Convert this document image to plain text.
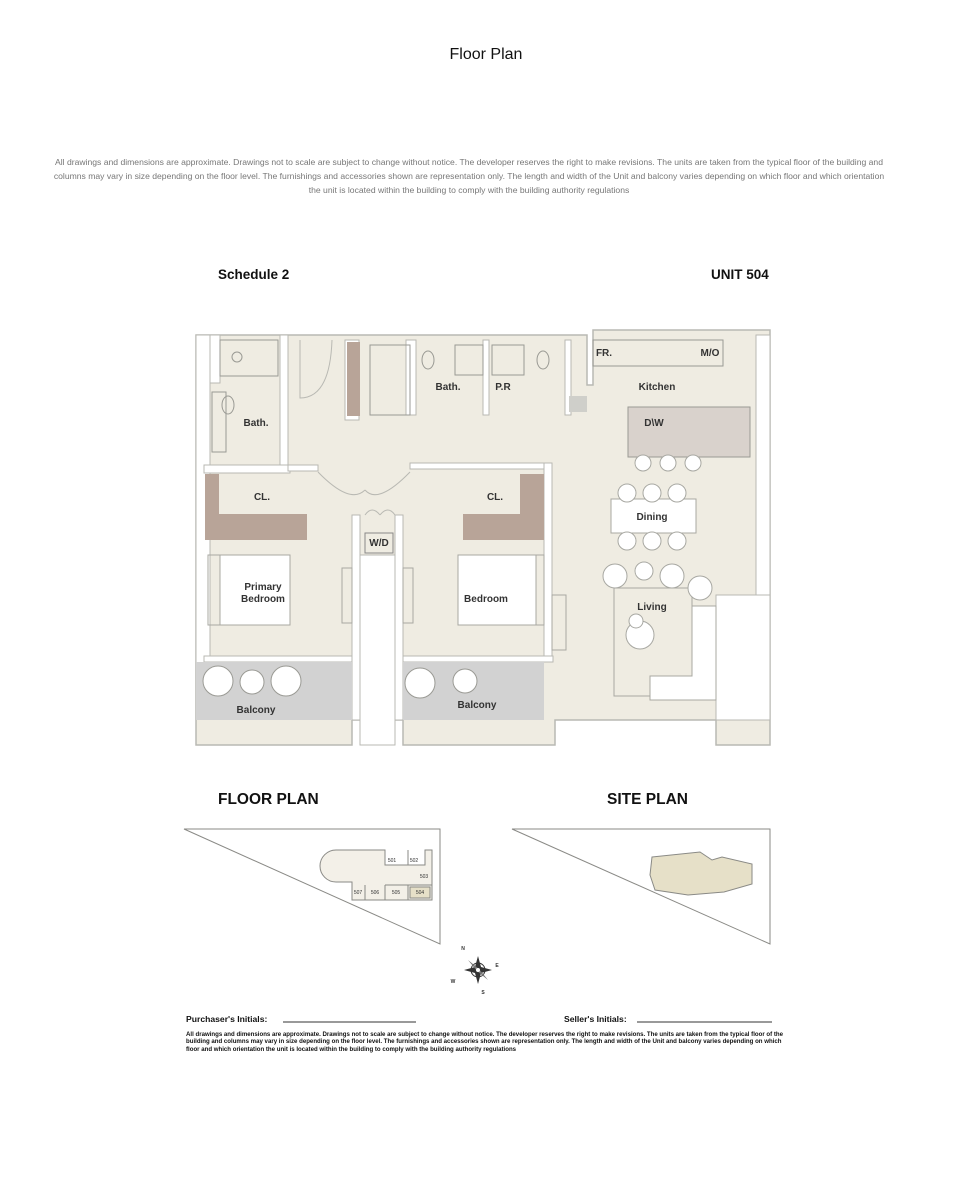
Floor Plan
All drawings and dimensions are approximate. Drawings not to scale are subject to change without notice. The developer reserves the right to make revisions. The units are taken from the typical floor of the building and columns may vary in size depending on the floor level. The furnishings and accessories shown are representation only. The length and width of the Unit and balcony varies depending on which floor and which orientation the unit is located within the building to comply with the building authority regulations
Schedule 2	UNIT 504
Bath.
Bath.	P.R
FR.	M/O
Kitchen
D\W
CL.	CL.
W/D
Dining
Primary
Bedroom	Bedroom
Living
Balcony	Balcony
501	502
503
504
505
506
507
N
E
S
W
FLOOR PLAN	SITE PLAN
Purchaser's Initials:	Seller's Initials:
All drawings and dimensions are approximate. Drawings not to scale are subject to change without notice. The developer reserves the right to make revisions. The units are taken from the typical floor of the building and columns may vary in size depending on the floor level. The furnishings and accessories shown are representation only. The length and width of the Unit and balcony varies depending on which floor and which orientation the unit is located within the building to comply with the building authority regulations
